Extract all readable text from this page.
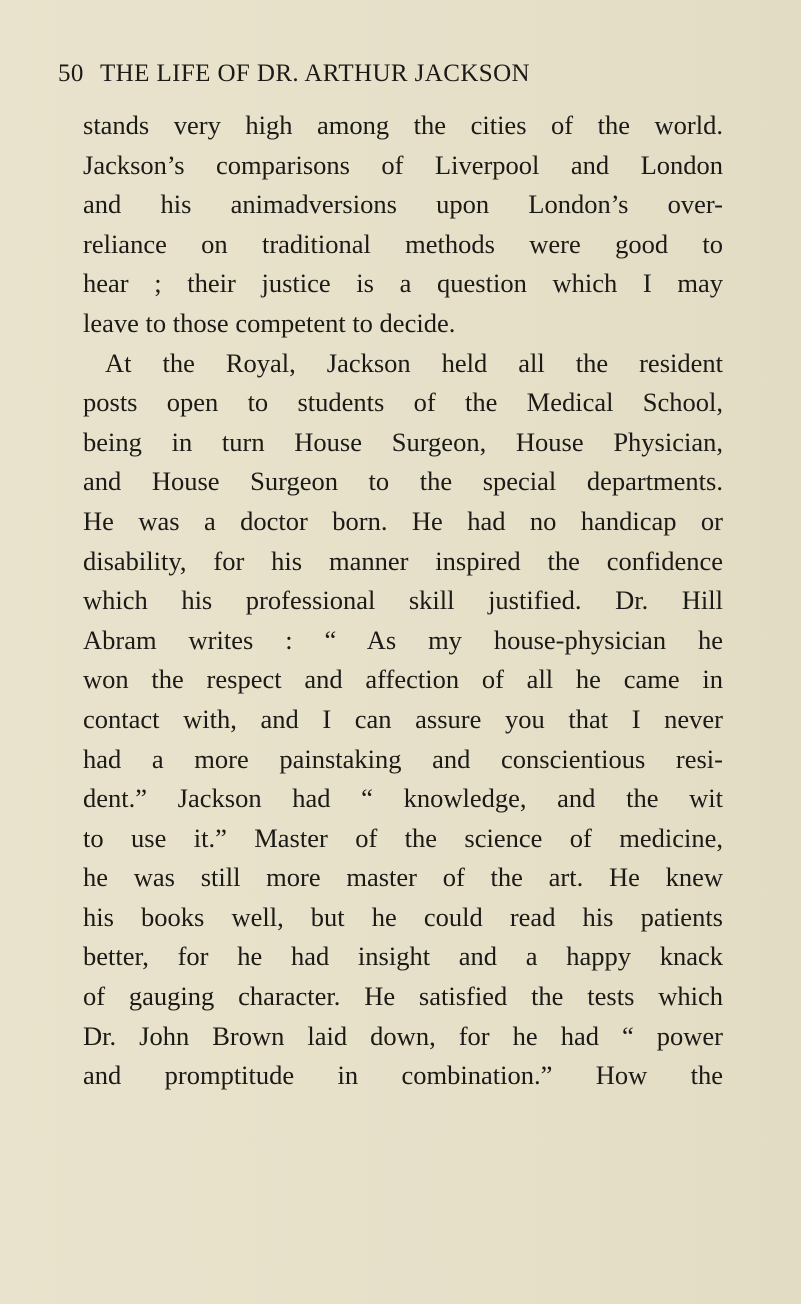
50 THE LIFE OF DR. ARTHUR JACKSON
stands very high among the cities of the world.
Jackson’s comparisons of Liverpool and London
and his animadversions upon London’s over-
reliance on traditional methods were good to
hear ; their justice is a question which I may
leave to those competent to decide.
At the Royal, Jackson held all the resident
posts open to students of the Medical School,
being in turn House Surgeon, House Physician,
and House Surgeon to the special departments.
He was a doctor born. He had no handicap or
disability, for his manner inspired the confidence
which his professional skill justified. Dr. Hill
Abram writes : “ As my house-physician he
won the respect and affection of all he came in
contact with, and I can assure you that I never
had a more painstaking and conscientious resi-
dent.” Jackson had “ knowledge, and the wit
to use it.” Master of the science of medicine,
he was still more master of the art. He knew
his books well, but he could read his patients
better, for he had insight and a happy knack
of gauging character. He satisfied the tests which
Dr. John Brown laid down, for he had “ power
and promptitude in combination.” How the
